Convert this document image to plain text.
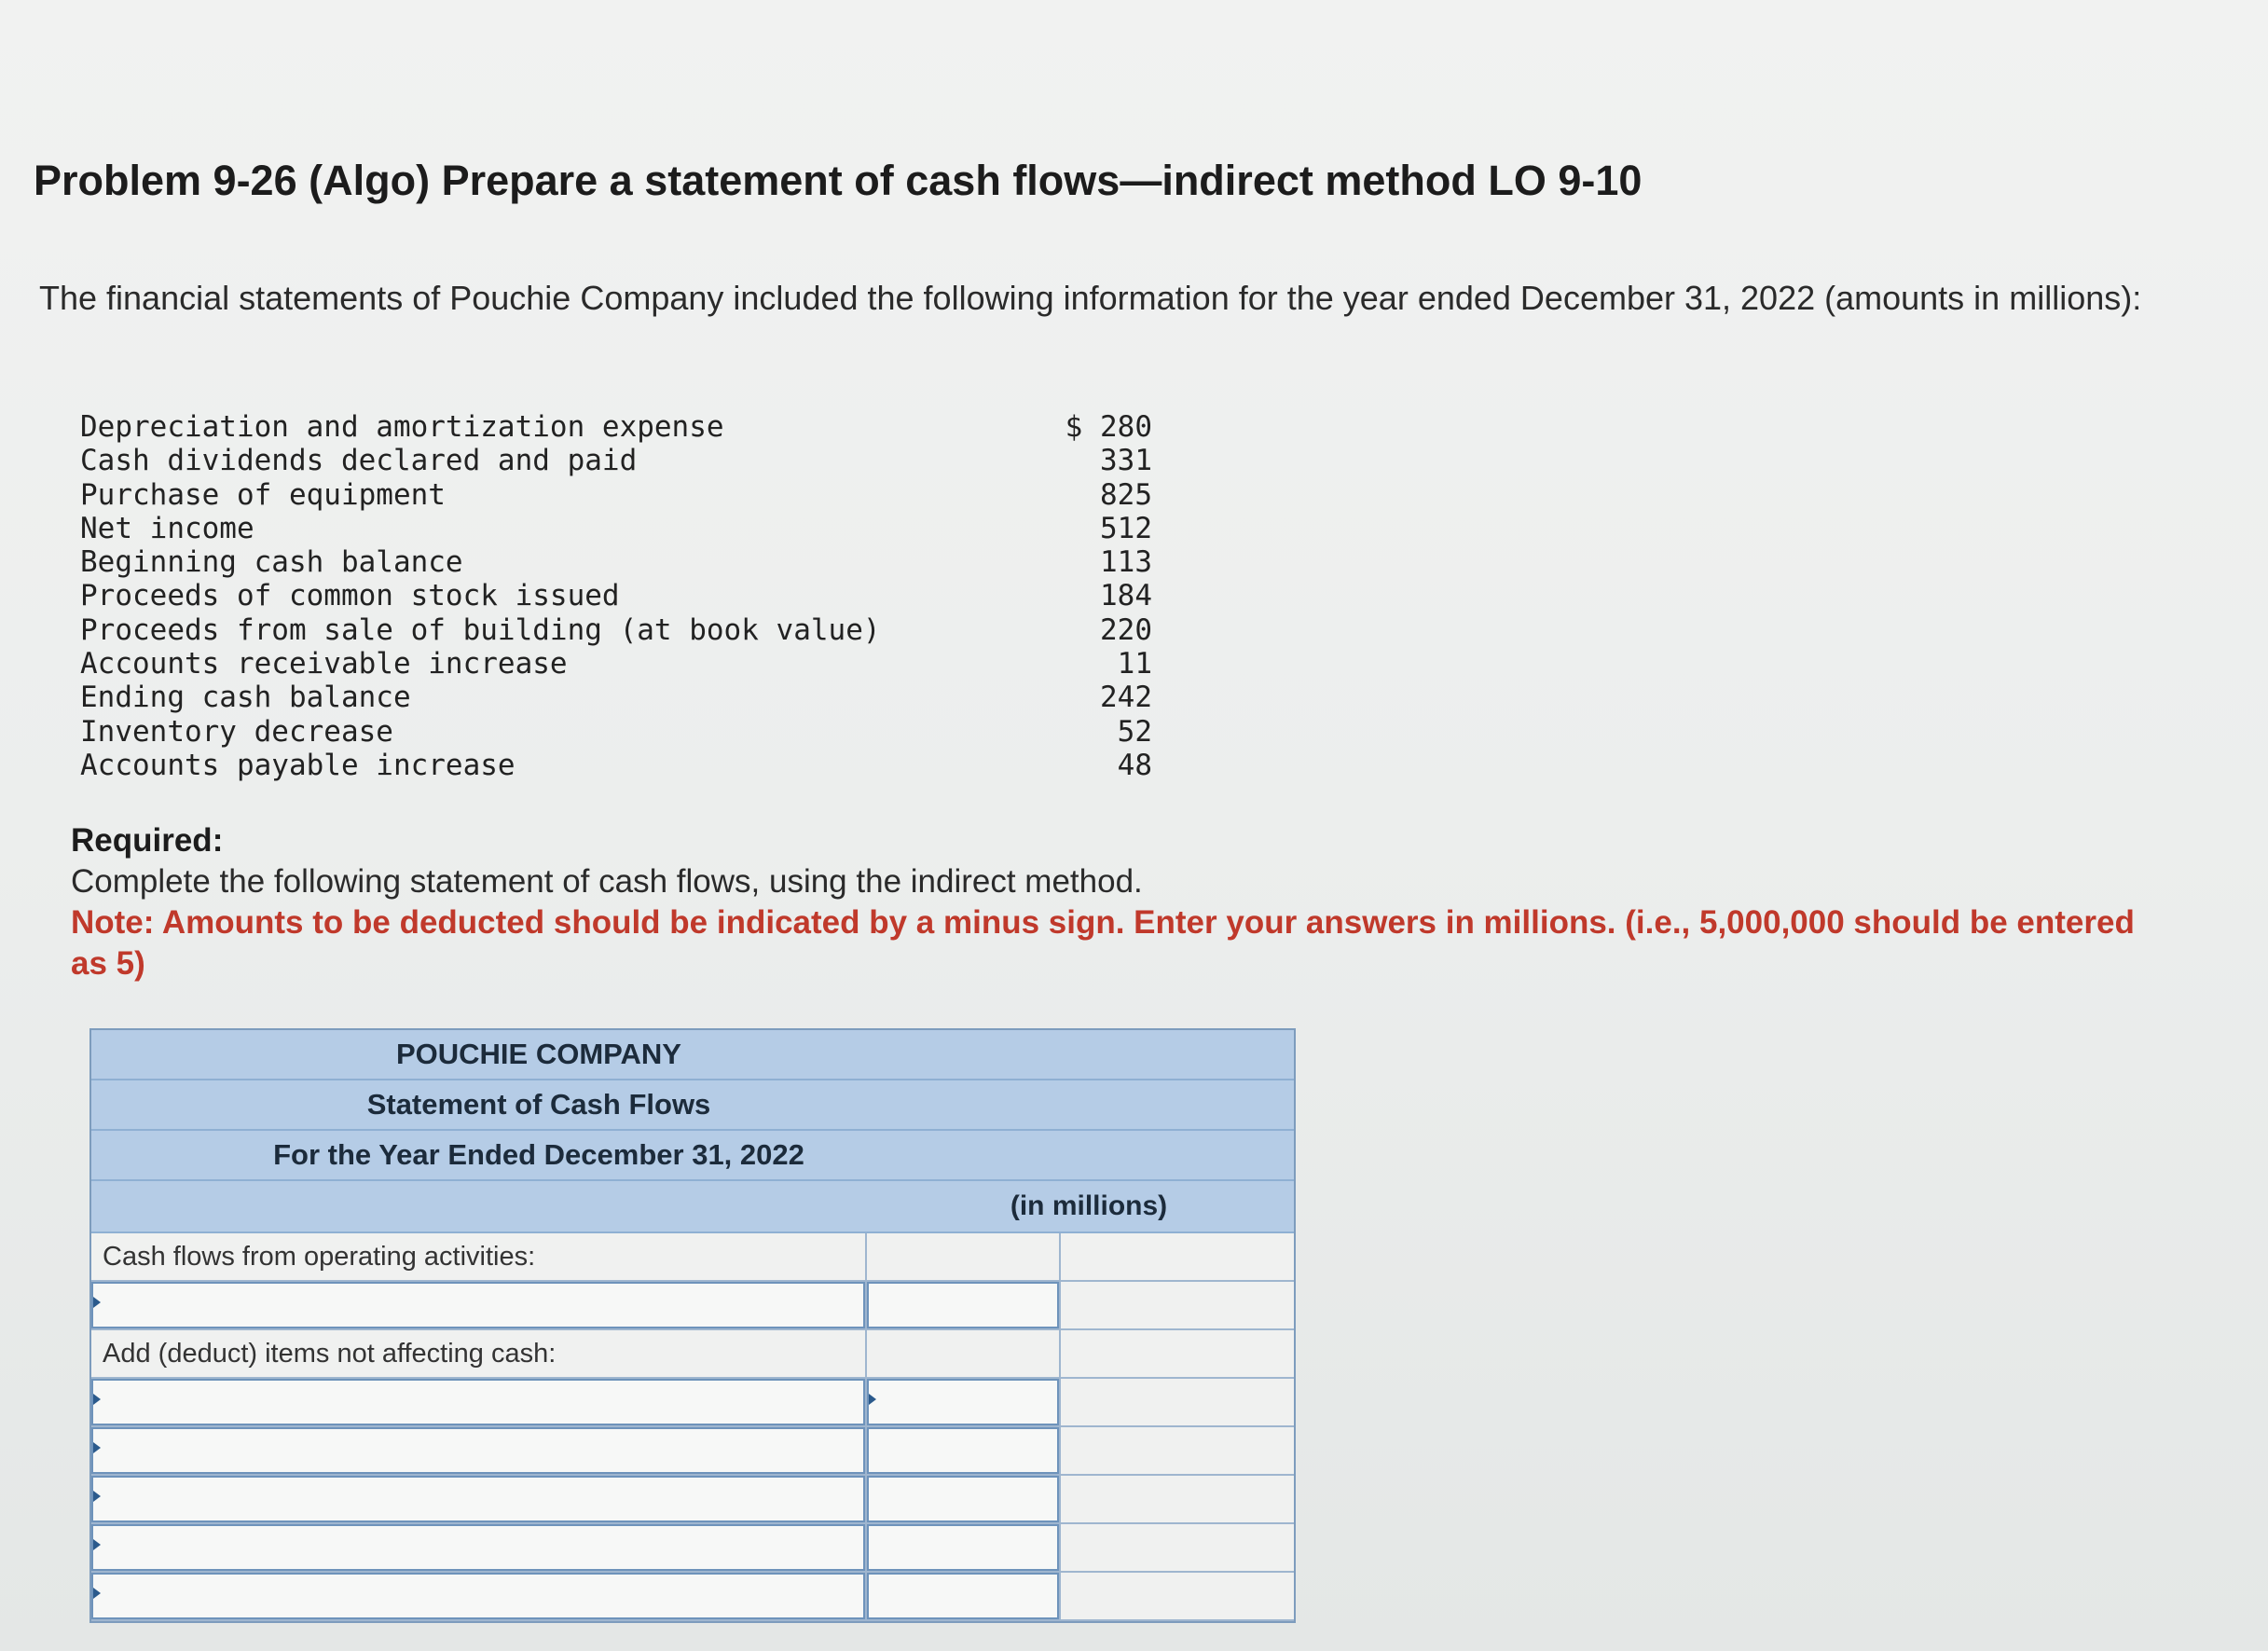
Problem 9-26 (Algo) Prepare a statement of cash flows—indirect method LO 9-10
The financial statements of Pouchie Company included the following information for the year ended December 31, 2022 (amounts in millions):
Depreciation and amortization expense	$ 280
Cash dividends declared and paid	331
Purchase of equipment	825
Net income	512
Beginning cash balance	113
Proceeds of common stock issued	184
Proceeds from sale of building (at book value)	220
Accounts receivable increase	11
Ending cash balance	242
Inventory decrease	52
Accounts payable increase	48
Required:
Complete the following statement of cash flows, using the indirect method.
Note: Amounts to be deducted should be indicated by a minus sign. Enter your answers in millions. (i.e., 5,000,000 should be entered as 5)
POUCHIE COMPANY
Statement of Cash Flows
For the Year Ended December 31, 2022
(in millions)
Cash flows from operating activities:
Add (deduct) items not affecting cash:
